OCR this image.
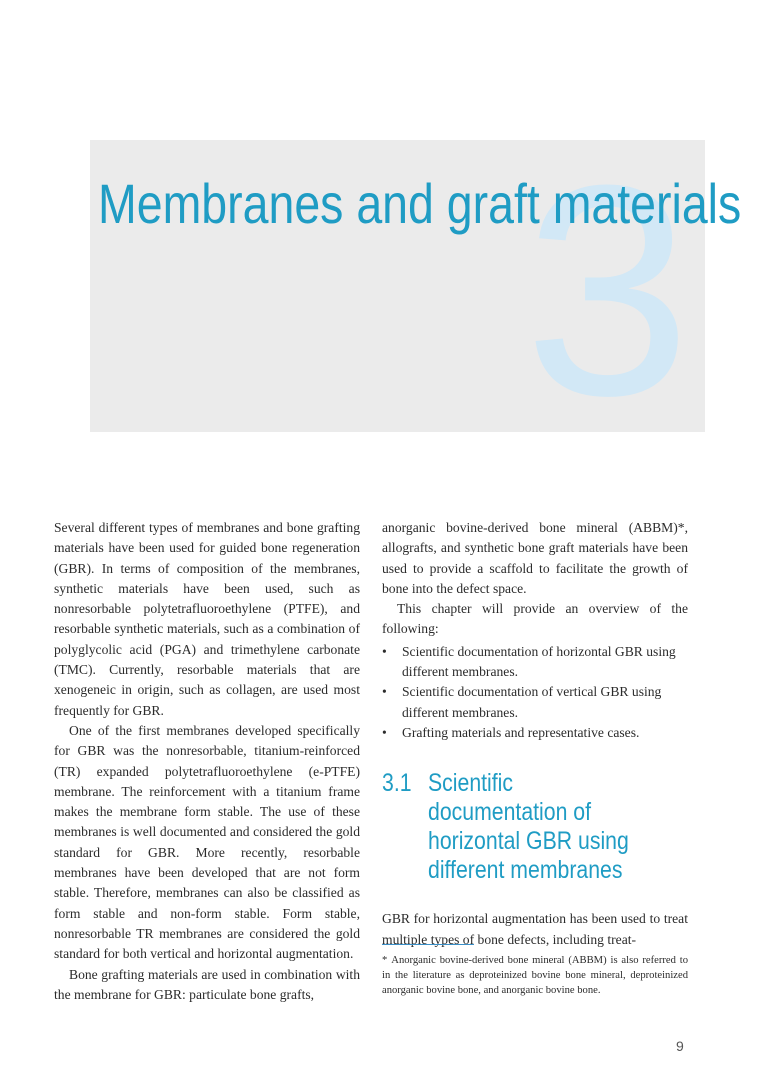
3
Membranes and graft materials

Several different types of membranes and bone grafting materials have been used for guided bone regeneration (GBR). In terms of composition of the membranes, synthetic materials have been used, such as nonresorbable polytetrafluoroethylene (PTFE), and resorbable synthetic materials, such as a combination of polyglycolic acid (PGA) and trimethylene carbonate (TMC). Currently, resorbable materials that are xenogeneic in origin, such as collagen, are used most frequently for GBR.

One of the first membranes developed specifically for GBR was the nonresorbable, titanium-reinforced (TR) expanded polytetrafluoroethylene (e-PTFE) membrane. The reinforcement with a titanium frame makes the membrane form stable. The use of these membranes is well documented and considered the gold standard for GBR. More recently, resorbable membranes have been developed that are not form stable. Therefore, membranes can also be classified as form stable and non-form stable. Form stable, nonresorbable TR membranes are considered the gold standard for both vertical and horizontal augmentation.

Bone grafting materials are used in combination with the membrane for GBR: particulate bone grafts,

anorganic bovine-derived bone mineral (ABBM)*, allografts, and synthetic bone graft materials have been used to provide a scaffold to facilitate the growth of bone into the defect space.

This chapter will provide an overview of the following:

• Scientific documentation of horizontal GBR using different membranes.
• Scientific documentation of vertical GBR using different membranes.
• Grafting materials and representative cases.
3.1 Scientific documentation of horizontal GBR using different membranes

GBR for horizontal augmentation has been used to treat multiple types of bone defects, including treat-

* Anorganic bovine-derived bone mineral (ABBM) is also referred to in the literature as deproteinized bovine bone mineral, deproteinized anorganic bovine bone, and anorganic bovine bone.
9
